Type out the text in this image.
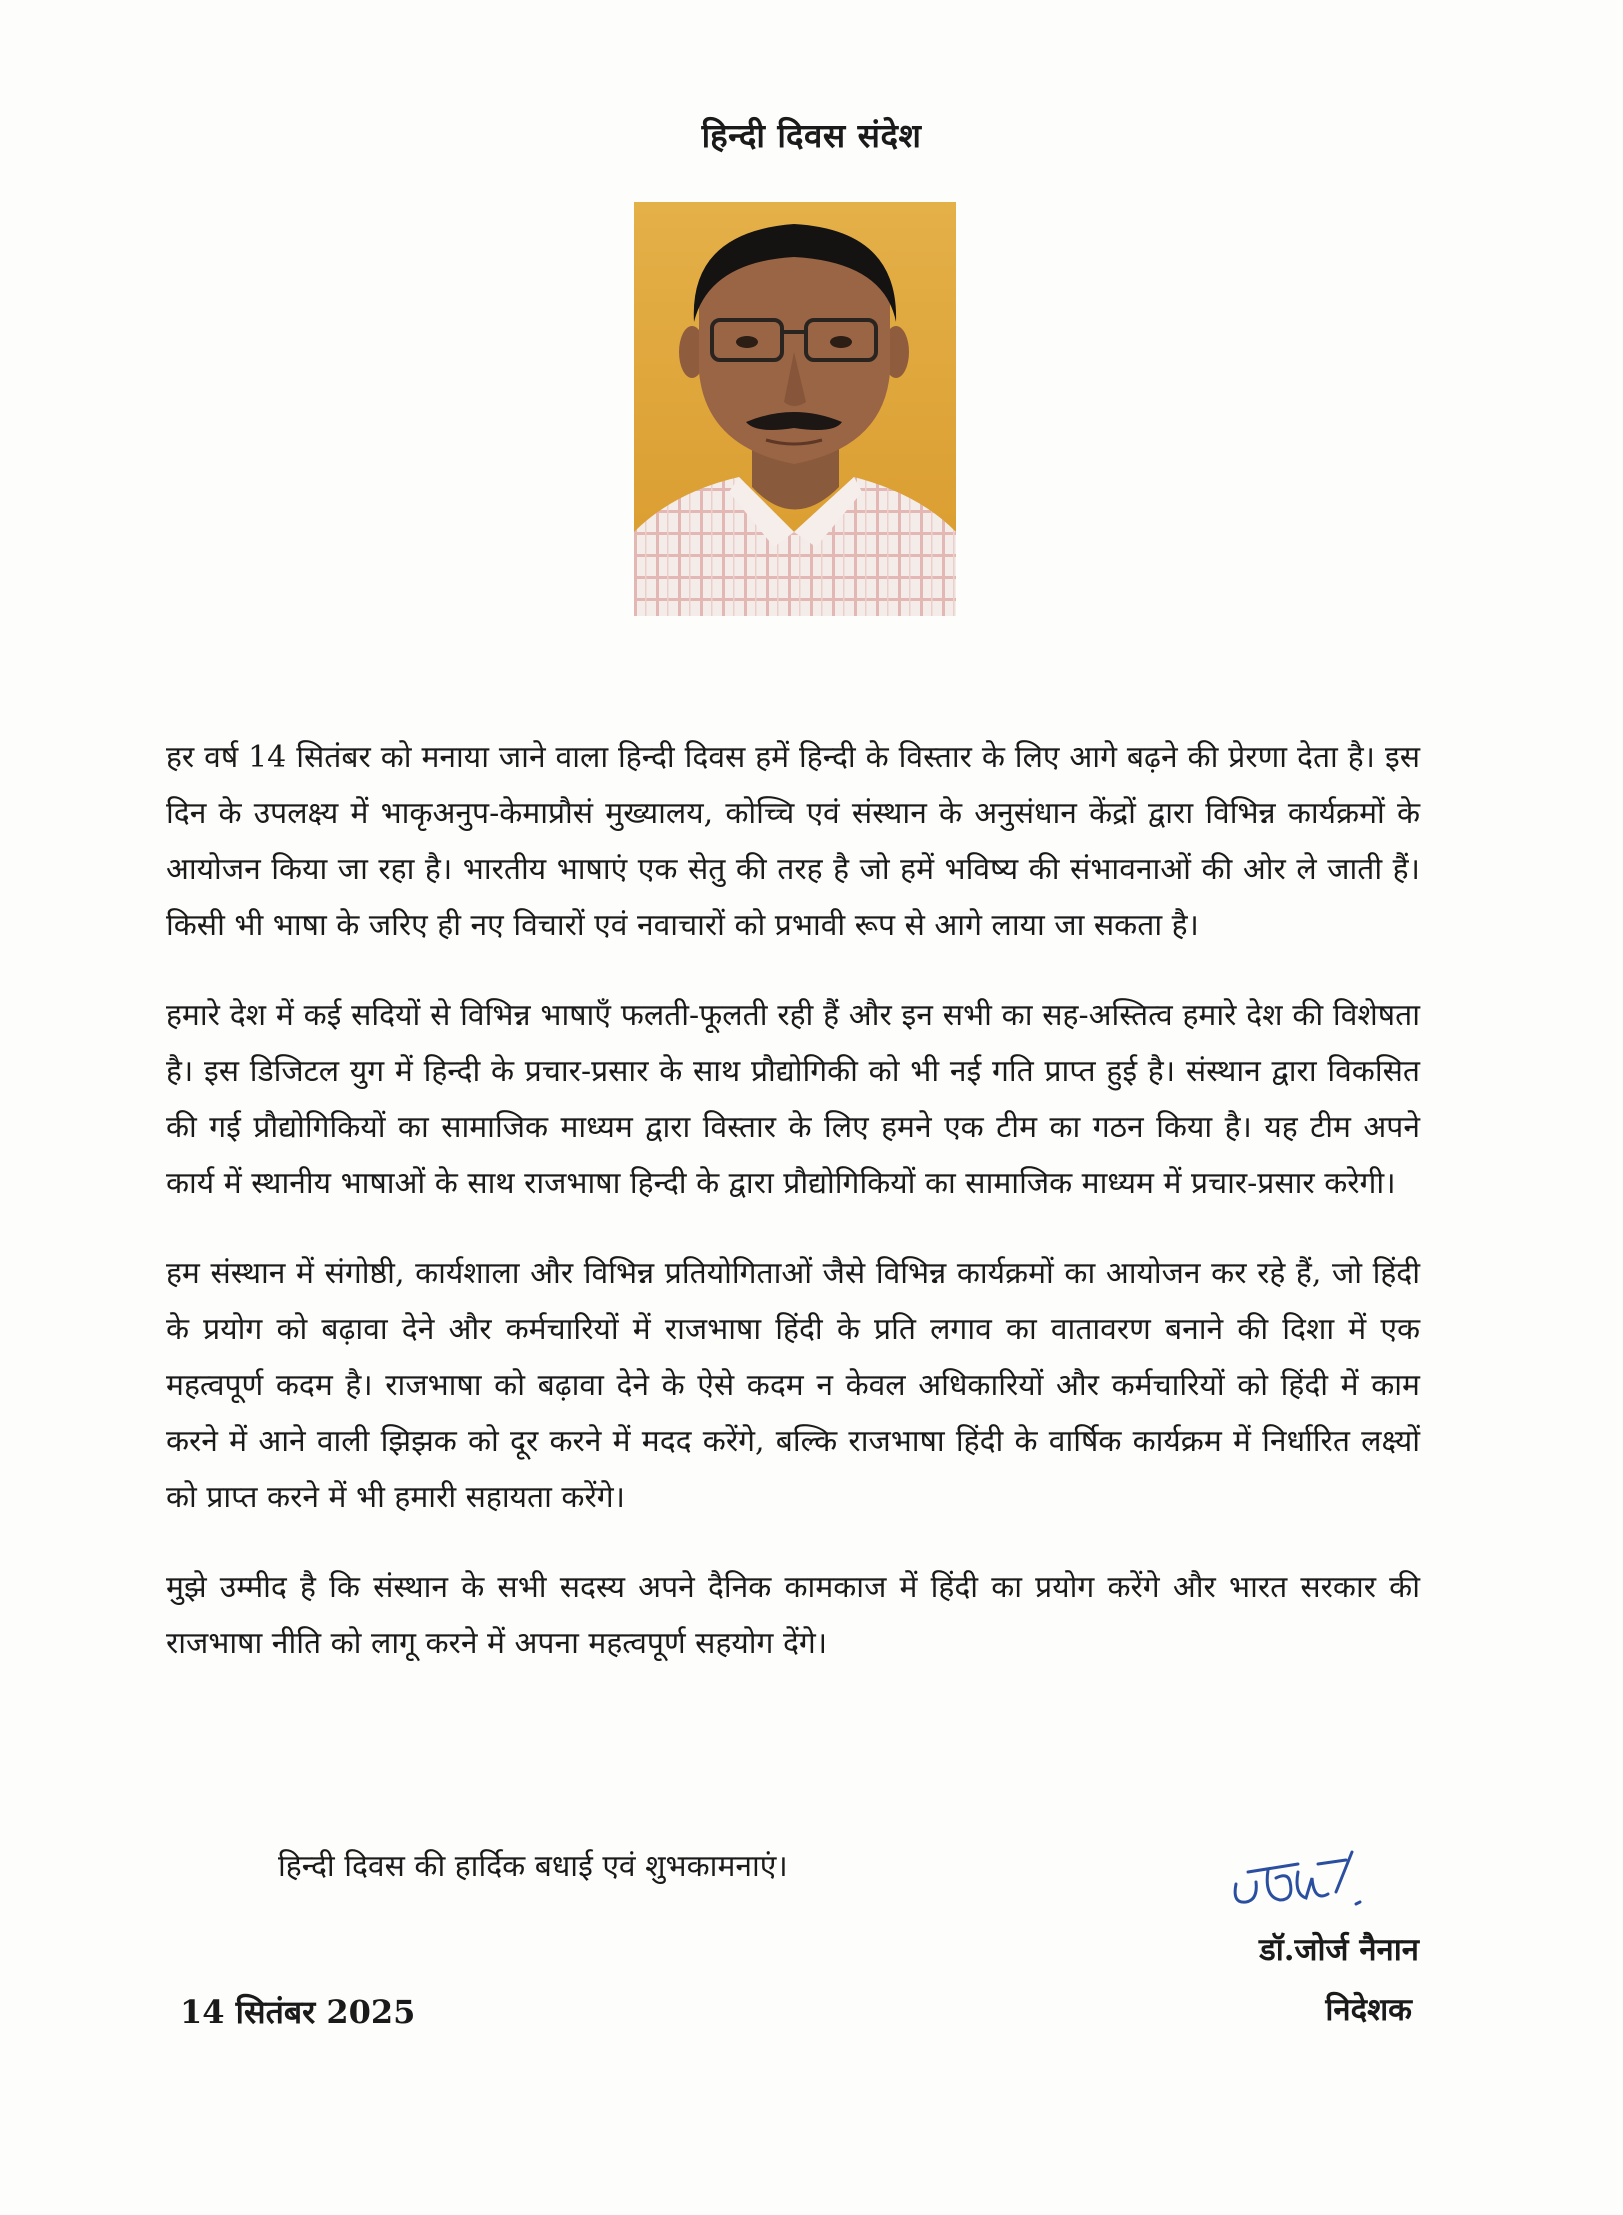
हिन्दी दिवस संदेश

हर वर्ष 14 सितंबर को मनाया जाने वाला हिन्दी दिवस हमें हिन्दी के विस्तार के लिए आगे बढ़ने की प्रेरणा देता है। इस दिन के उपलक्ष्य में भाकृअनुप-केमाप्रौसं मुख्यालय, कोच्चि एवं संस्थान के अनुसंधान केंद्रों द्वारा विभिन्न कार्यक्रमों के आयोजन किया जा रहा है। भारतीय भाषाएं एक सेतु की तरह है जो हमें भविष्य की संभावनाओं की ओर ले जाती हैं। किसी भी भाषा के जरिए ही नए विचारों एवं नवाचारों को प्रभावी रूप से आगे लाया जा सकता है।

हमारे देश में कई सदियों से विभिन्न भाषाएँ फलती-फूलती रही हैं और इन सभी का सह-अस्तित्व हमारे देश की विशेषता है। इस डिजिटल युग में हिन्दी के प्रचार-प्रसार के साथ प्रौद्योगिकी को भी नई गति प्राप्त हुई है। संस्थान द्वारा विकसित की गई प्रौद्योगिकियों का सामाजिक माध्यम द्वारा विस्तार के लिए हमने एक टीम का गठन किया है। यह टीम अपने कार्य में स्थानीय भाषाओं के साथ राजभाषा हिन्दी के द्वारा प्रौद्योगिकियों का सामाजिक माध्यम में प्रचार-प्रसार करेगी।

हम संस्थान में संगोष्ठी, कार्यशाला और विभिन्न प्रतियोगिताओं जैसे विभिन्न कार्यक्रमों का आयोजन कर रहे हैं, जो हिंदी के प्रयोग को बढ़ावा देने और कर्मचारियों में राजभाषा हिंदी के प्रति लगाव का वातावरण बनाने की दिशा में एक महत्वपूर्ण कदम है। राजभाषा को बढ़ावा देने के ऐसे कदम न केवल अधिकारियों और कर्मचारियों को हिंदी में काम करने में आने वाली झिझक को दूर करने में मदद करेंगे, बल्कि राजभाषा हिंदी के वार्षिक कार्यक्रम में निर्धारित लक्ष्यों को प्राप्त करने में भी हमारी सहायता करेंगे।

मुझे उम्मीद है कि संस्थान के सभी सदस्य अपने दैनिक कामकाज में हिंदी का प्रयोग करेंगे और भारत सरकार की राजभाषा नीति को लागू करने में अपना महत्वपूर्ण सहयोग देंगे।

हिन्दी दिवस की हार्दिक बधाई एवं शुभकामनाएं।
डॉ.जोर्ज नैनान
निदेशक
14 सितंबर 2025
